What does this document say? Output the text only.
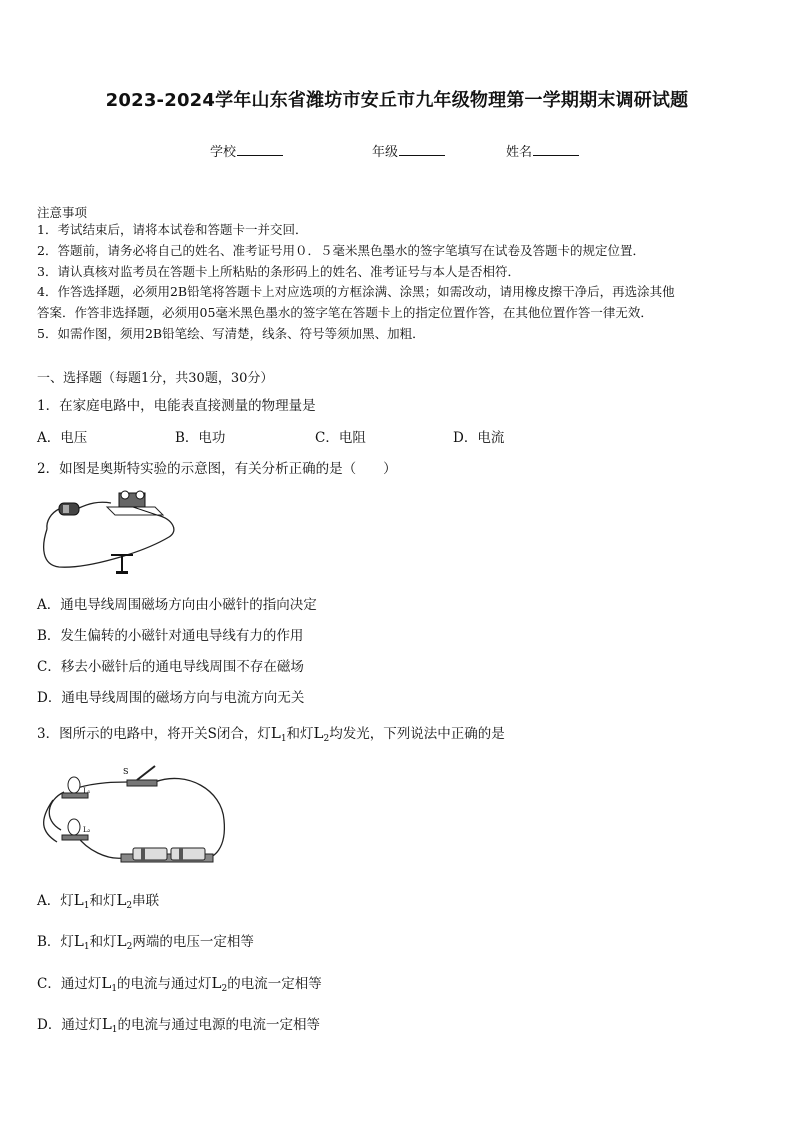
2023-2024学年山东省潍坊市安丘市九年级物理第一学期期末调研试题
学校	年级	姓名
注意事项
1．考试结束后，请将本试卷和答题卡一并交回．
2．答题前，请务必将自己的姓名、准考证号用０．５毫米黑色墨水的签字笔填写在试卷及答题卡的规定位置．
3．请认真核对监考员在答题卡上所粘贴的条形码上的姓名、准考证号与本人是否相符．
4．作答选择题，必须用2B铅笔将答题卡上对应选项的方框涂满、涂黑；如需改动，请用橡皮擦干净后，再选涂其他
答案．作答非选择题，必须用05毫米黑色墨水的签字笔在答题卡上的指定位置作答，在其他位置作答一律无效．
5．如需作图，须用2B铅笔绘、写清楚，线条、符号等须加黑、加粗．
一、选择题（每题1分，共30题，30分）
1．在家庭电路中，电能表直接测量的物理量是
A．电压	B．电功	C．电阻	D．电流
2．如图是奥斯特实验的示意图，有关分析正确的是（　　）
A．通电导线周围磁场方向由小磁针的指向决定
B．发生偏转的小磁针对通电导线有力的作用
C．移去小磁针后的通电导线周围不存在磁场
D．通电导线周围的磁场方向与电流方向无关
3．图所示的电路中，将开关S闭合，灯$L_1$和灯$L_2$均发光，下列说法中正确的是
L₁
L₂
S
A．灯$L_1$和灯$L_2$串联
B．灯$L_1$和灯$L_2$两端的电压一定相等
C．通过灯$L_1$的电流与通过灯$L_2$的电流一定相等
D．通过灯$L_1$的电流与通过电源的电流一定相等
